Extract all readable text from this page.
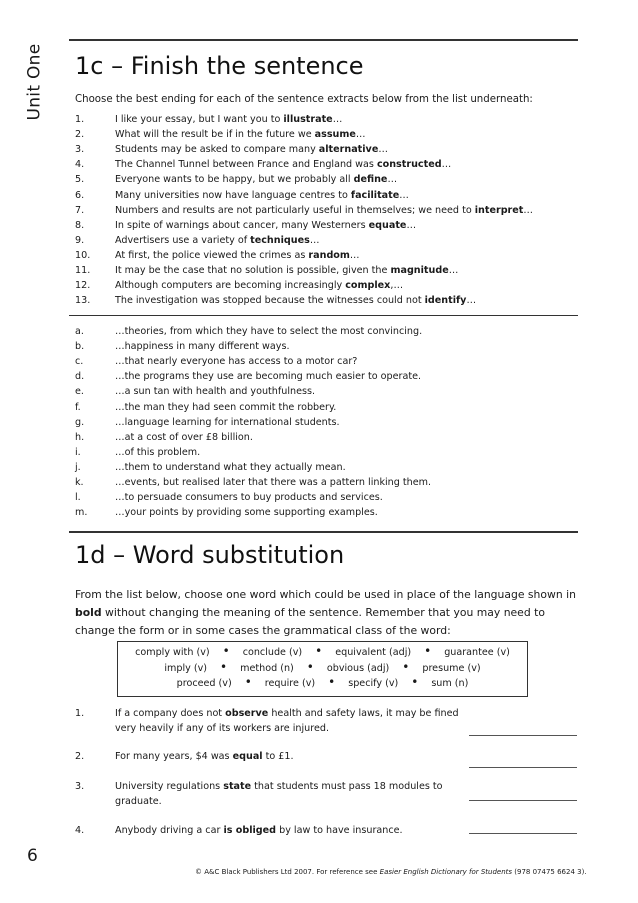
Unit One 1c – Finish the sentence

Choose the best ending for each of the sentence extracts below from the list underneath:

1.	I like your essay, but I want you to illustrate…
2.	What will the result be if in the future we assume…
3.	Students may be asked to compare many alternative…
4.	The Channel Tunnel between France and England was constructed…
5.	Everyone wants to be happy, but we probably all define…
6.	Many universities now have language centres to facilitate…
7.	Numbers and results are not particularly useful in themselves; we need to interpret…
8.	In spite of warnings about cancer, many Westerners equate…
9.	Advertisers use a variety of techniques…
10.	At first, the police viewed the crimes as random…
11.	It may be the case that no solution is possible, given the magnitude…
12.	Although computers are becoming increasingly complex,…
13.	The investigation was stopped because the witnesses could not identify…
a.	…theories, from which they have to select the most convincing.
b.	…happiness in many different ways.
c.	…that nearly everyone has access to a motor car?
d.	…the programs they use are becoming much easier to operate.
e.	…a sun tan with health and youthfulness.
f.	…the man they had seen commit the robbery.
g.	…language learning for international students.
h.	…at a cost of over £8 billion.
i.	…of this problem.
j.	…them to understand what they actually mean.
k.	…events, but realised later that there was a pattern linking them.
l.	…to persuade consumers to buy products and services.
m.	…your points by providing some supporting examples.
1d – Word substitution

From the list below, choose one word which could be used in place of the language shown in bold without changing the meaning of the sentence. Remember that you may need to change the form or in some cases the grammatical class of the word:

comply with (v) • conclude (v) • equivalent (adj) • guarantee (v)
imply (v) • method (n) • obvious (adj) • presume (v)
proceed (v) • require (v) • specify (v) • sum (n)
1.	If a company does not observe health and safety laws, it may be fined very heavily if any of its workers are injured.
2.	For many years, $4 was equal to £1.
3.	University regulations state that students must pass 18 modules to graduate.
4.	Anybody driving a car is obliged by law to have insurance.
6
© A&C Black Publishers Ltd 2007. For reference see Easier English Dictionary for Students (978 07475 6624 3).
